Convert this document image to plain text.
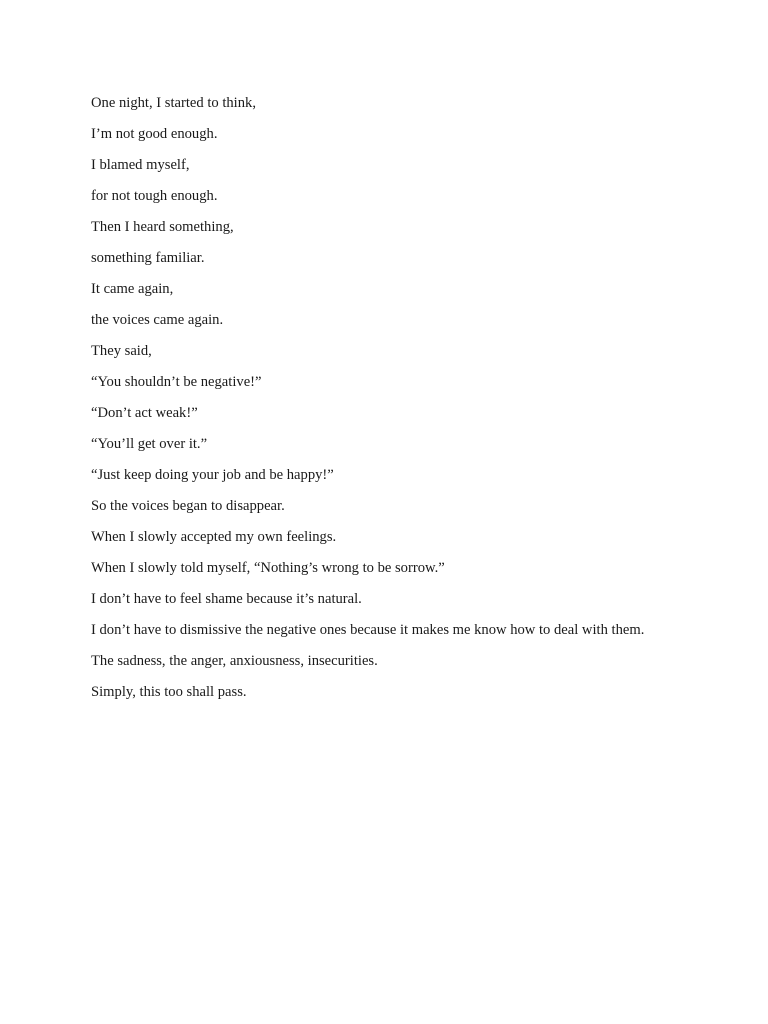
One night, I started to think,
I’m not good enough.
I blamed myself,
for not tough enough.
Then I heard something,
something familiar.
It came again,
the voices came again.
They said,
“You shouldn’t be negative!”
“Don’t act weak!”
“You’ll get over it.”
“Just keep doing your job and be happy!”
So the voices began to disappear.
When I slowly accepted my own feelings.
When I slowly told myself, “Nothing’s wrong to be sorrow.”
I don’t have to feel shame because it’s natural.
I don’t have to dismissive the negative ones because it makes me know how to deal with them.
The sadness, the anger, anxiousness, insecurities.
Simply, this too shall pass.
